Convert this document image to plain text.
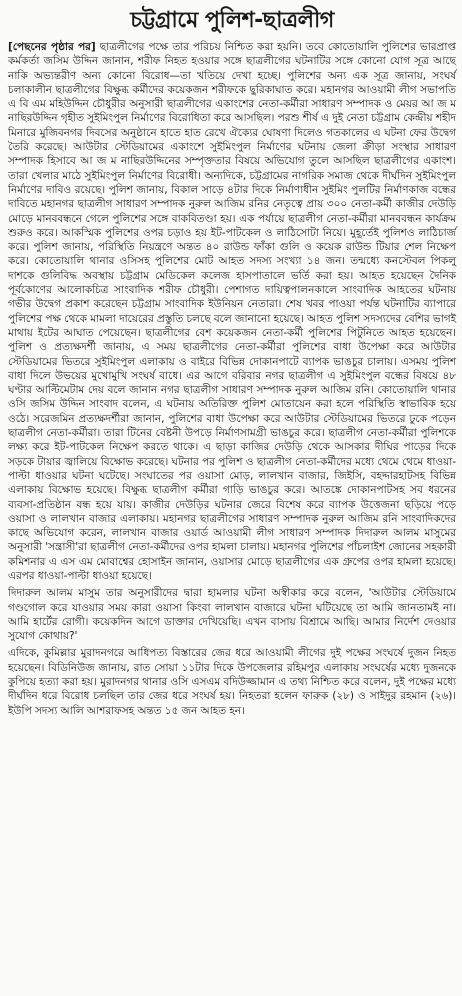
চট্টগ্রামে পুলিশ-ছাত্রলীগ

[পেছনের পৃষ্ঠার পর] ছাত্রলীগের পক্ষে তার পরিচয় নিশ্চিত করা হয়নি। তবে কোতোয়ালি পুলিশের ভারপ্রাপ্ত কর্মকর্তা জসিম উদ্দিন জানান, শরীফ নিহত হওয়ার সঙ্গে ছাত্রলীগের ঘটনাটির সঙ্গে কোনো যোগ সূত্র আছে নাকি অভ্যন্তরীণ অন্য কোনো বিরোধ—তা খতিয়ে দেখা হচ্ছে। পুলিশের অন্য এক সূত্র জানায়, সংঘর্ষ চলাকালীন ছাত্রলীগের বিক্ষুব্ধ কর্মীদের কয়েকজন শরীফকে ছুরিকাঘাত করে। মহানগর আওয়ামী লীগ সভাপতি এ বি এম মহিউদ্দিন চৌধুরীর অনুসারী ছাত্রলীগের একাংশের নেতা-কর্মীরা সাধারণ সম্পাদক ও মেয়র আ জ ম নাছিরউদ্দিন গৃহীত সুইমিংপুল নির্মাণের বিরোধিতা করে আসছিল। পরশু শীর্ষ এ দুই নেতা চট্টগ্রাম কেন্দ্রীয় শহীদ মিনারে মুজিবনগর দিবসের অনুষ্ঠানে হাতে হাত রেখে ঐক্যের ঘোষণা দিলেও গতকালের এ ঘটনা ফের উদ্বেগ তৈরি করেছে। আউটার স্টেডিয়ামের একাংশে সুইমিংপুল নির্মাণের ঘটনায় জেলা ক্রীড়া সংস্থার সাধারণ সম্পাদক হিসাবে আ জ ম নাছিরউদ্দিনের সম্পৃক্ততার বিষয়ে অভিযোগ তুলে আসছিল ছাত্রলীগের একাংশ। তারা খেলার মাঠে সুইমিংপুল নির্মাণের বিরোধী। অন্যদিকে, চট্টগ্রামের নাগরিক সমাজ থেকে দীর্ঘদিন সুইমিংপুল নির্মাণের দাবিও রয়েছে। পুলিশ জানায়, বিকাল সাড়ে ৪টার দিকে নির্মাণাধীন সুইমিং পুলটির নির্মাণকাজ বন্ধের দাবিতে মহানগর ছাত্রলীগ সাধারণ সম্পাদক নুরুল আজিম রনির নেতৃত্বে প্রায় ৩০০ নেতা-কর্মী কাজীর দেউড়ি মোড়ে মানববন্ধনে গেলে পুলিশের সঙ্গে বাকবিতণ্ডা হয়। এক পর্যায়ে ছাত্রলীগ নেতা-কর্মীরা মানববন্ধন কার্যক্রম শুরুও করে। আকস্মিক পুলিশের ওপর চড়াও হয় ইট-পাটকেল ও লাঠিসোটা নিয়ে। মুহূর্তেই পুলিশও লাঠিচার্জ করে। পুলিশ জানায়, পরিস্থিতি নিয়ন্ত্রণে অন্তত ৪০ রাউন্ড ফাঁকা গুলি ও কয়েক রাউন্ড টিয়ার শেল নিক্ষেপ করে। কোতোয়ালি থানার ওসিসহ পুলিশের মোট আহত সদস্য সংখ্যা ১৪ জন। তন্মধ্যে কনস্টেবল পিকলু দাশকে গুলিবিদ্ধ অবস্থায় চট্টগ্রাম মেডিকেল কলেজ হাসপাতালে ভর্তি করা হয়। আহত হয়েছেন দৈনিক পূর্বকোণের আলোকচিত্র সাংবাদিক শরীফ চৌধুরী। পেশাগত দায়িত্বপালনকালে সাংবাদিক আহতের ঘটনায় গভীর উদ্বেগ প্রকাশ করেছেন চট্টগ্রাম সাংবাদিক ইউনিয়ন নেতারা। শেষ খবর পাওয়া পর্যন্ত ঘটনাটির ব্যাপারে পুলিশের পক্ষ থেকে মামলা দায়েরের প্রস্তুতি চলছে বলে জানানো হয়েছে। আহত পুলিশ সদস্যদের বেশির ভাগই মাথায় ইটের আঘাত পেয়েছেন। ছাত্রলীগের বেশ কয়েকজন নেতা-কর্মী পুলিশের পিটুনিতে আহত হয়েছেন। পুলিশ ও প্রত্যক্ষদর্শী জানায়, এ সময় ছাত্রলীগের নেতা-কর্মীরা পুলিশের বাধা উপেক্ষা করে আউটার স্টেডিয়ামের ভিতরে সুইমিংপুল এলাকায় ও বাইরে বিভিন্ন দোকানপাটে ব্যাপক ভাঙচুর চালায়। এসময় পুলিশ বাধা দিলে উভয়ের মুখোমুখি সংঘর্ষ বাধে। এর আগে বরিবার নগর ছাত্রলীগ এ সুইমিংপুল বন্ধের বিষয়ে ৪৮ ঘণ্টার আল্টিমেটাম দেয় বলে জানান নগর ছাত্রলীগ সাধারণ সম্পাদক নুরুল আজিম রনি। কোতোয়ালি থানার ওসি জসিম উদ্দিন সাংবাদ বলেন, এ ঘটনায় অতিরিক্ত পুলিশ মোতায়েন করা হলে পরিস্থিতি স্বাভাবিক হয়ে ওঠে। সরেজমিন প্রত্যক্ষদর্শীরা জানান, পুলিশের বাধা উপেক্ষা করে আউটার স্টেডিয়ামের ভিতরে ঢুকে পড়েন ছাত্রলীগ নেতা-কর্মীরা। তারা টিনের বেষ্টনী উপড়ে নির্মাণসামগ্রী ভাঙচুর করে। ছাত্রলীগ নেতা-কর্মীরা পুলিশকে লক্ষ্য করে ইট-পাটকেল নিক্ষেপ করতে থাকে। এ ছাড়া কাজির দেউড়ি থেকে আসকার দীঘির পাড়ের দিকে সড়কে টায়ার জ্বালিয়ে বিক্ষোভ করেছে। ঘটনার পর পুলিশ ও ছাত্রলীগ নেতা-কর্মীদের মধ্যে থেমে থেমে ধাওয়া-পাল্টা ধাওয়ার ঘটনা ঘটেছে। সংঘাতের পর ওয়াসা মোড়, লালখান বাজার, জিইসি, বহদ্দারহাটসহ বিভিন্ন এলাকায় বিক্ষোভ হয়েছে। বিক্ষুব্ধ ছাত্রলীগ কর্মীরা গাড়ি ভাঙচুর করে। আতঙ্কে দোকানপাটসহ সব ধরনের ব্যবসা-প্রতিষ্ঠান বন্ধ হয়ে যায়। কাজীর দেউড়ির ঘটনার জেরে বিশেষ করে ব্যাপক উত্তেজনা ছড়িয়ে পড়ে ওয়াসা ও লালখান বাজার এলাকায়। মহানগর ছাত্রলীগের সাধারণ সম্পাদক নুরুল আজিম রনি সাংবাদিকদের কাছে অভিযোগ করেন, লালখান বাজার ওয়ার্ড আওয়ামী লীগ সাধারণ সম্পাদক দিদারুল আলম মাসুমের অনুসারী 'সন্ত্রাসী'রা ছাত্রলীগ নেতা-কর্মীদের ওপর হামলা চালায়। মহানগর পুলিশের পাঁচলাইশ জোনের সহকারী কমিশনার এ এস এম মোবাশ্বের হোসাইন জানান, ওয়াসার মোড়ে ছাত্রলীগের এক গ্রুপের ওপর হামলা হয়েছে। এরপর ধাওয়া-পাল্টা ধাওয়া হয়েছে।

দিদারুল আলম মাসুম তার অনুসারীদের দ্বারা হামলার ঘটনা অস্বীকার করে বলেন, 'আউটার স্টেডিয়ামে গণ্ডগোল করে যাওয়ার সময় কারা ওয়াসা কিংবা লালখান বাজারে ঘটনা ঘটিয়েছে তা আমি জানতামই না। আমি হার্টের রোগী। কয়েকদিন আগে ডাক্তার দেখিয়েছি। এখন বাসায় বিশ্রামে আছি। আমার নির্দেশ দেওয়ার সুযোগ কোথায়?'

এদিকে, কুমিল্লার মুরাদনগরে আধিপত্য বিস্তারের জের ধরে আওয়ামী লীগের দুই পক্ষের সংঘর্ষে দুজন নিহত হয়েছেন। বিডিনিউজ জানায়, রাত সোয়া ১১টার দিকে উপজেলার রহিমপুর এলাকায় সংঘর্ষের মধ্যে দুজনকে কুপিয়ে হত্যা করা হয়। মুরাদনগর থানার ওসি এসএম বদিউজ্জামান এ তথ্য নিশ্চিত করে বলেন, দুই পক্ষের মধ্যে দীর্ঘদিন ধরে বিরোধ চলছিল তার জের ধরে সংঘর্ষ হয়। নিহতরা হলেন ফারুক (২৮) ও সাইদুর রহমান (২৬)। ইউপি সদস্য আলি আশরাফসহ অন্তত ১৫ জন আহত হন।
